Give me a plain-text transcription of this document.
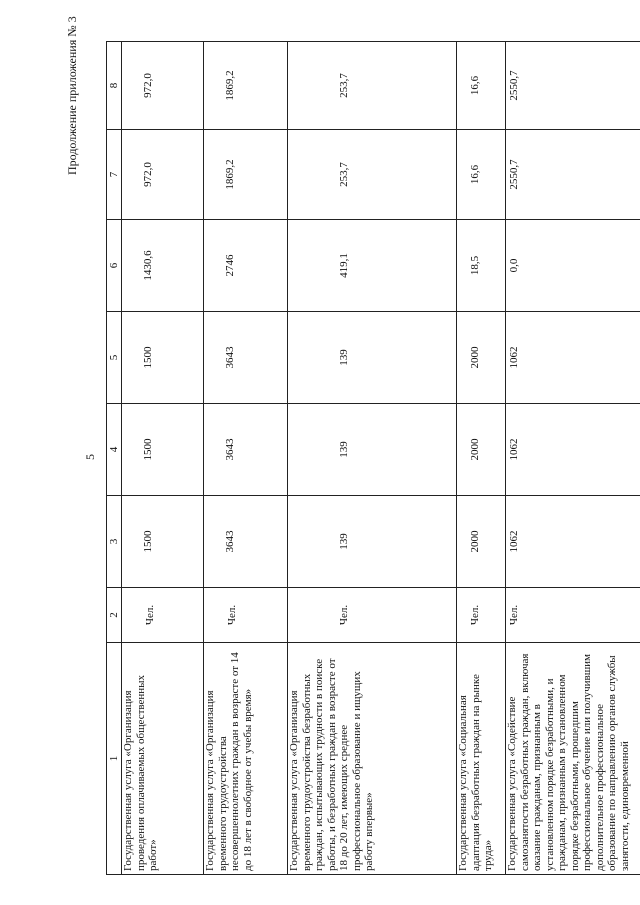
Продолжение приложения № 3
5
1	2	3	4	5	6	7	8
Государственная услуга «Организация проведения оплачиваемых общественных работ»	Чел.	1500	1500	1500	1430,6	972,0	972,0
Государственная услуга «Организация временного трудоустройства несовершеннолетних граждан в возрасте от 14 до 18 лет в свободное от учебы время»	Чел.	3643	3643	3643	2746	1869,2	1869,2
Государственная услуга «Организация временного трудоустройства безработных граждан, испытывающих трудности в поиске работы, и безработных граждан в возрасте от 18 до 20 лет, имеющих среднее профессиональное образование и ищущих работу впервые»	Чел.	139	139	139	419,1	253,7	253,7
Государственная услуга «Социальная адаптация безработных граждан на рынке труда»	Чел.	2000	2000	2000	18,5	16,6	16,6
Государственная услуга «Содействие самозанятости безработных граждан, включая оказание гражданам, признанным в установленном порядке безработными, и гражданам, признанным в установленном порядке безработными, прошедшим профессиональное обучение или получившим дополнительное профессиональное образование по направлению органов службы занятости, единовременной	Чел.	1062	1062	1062	0,0	2550,7	2550,7
